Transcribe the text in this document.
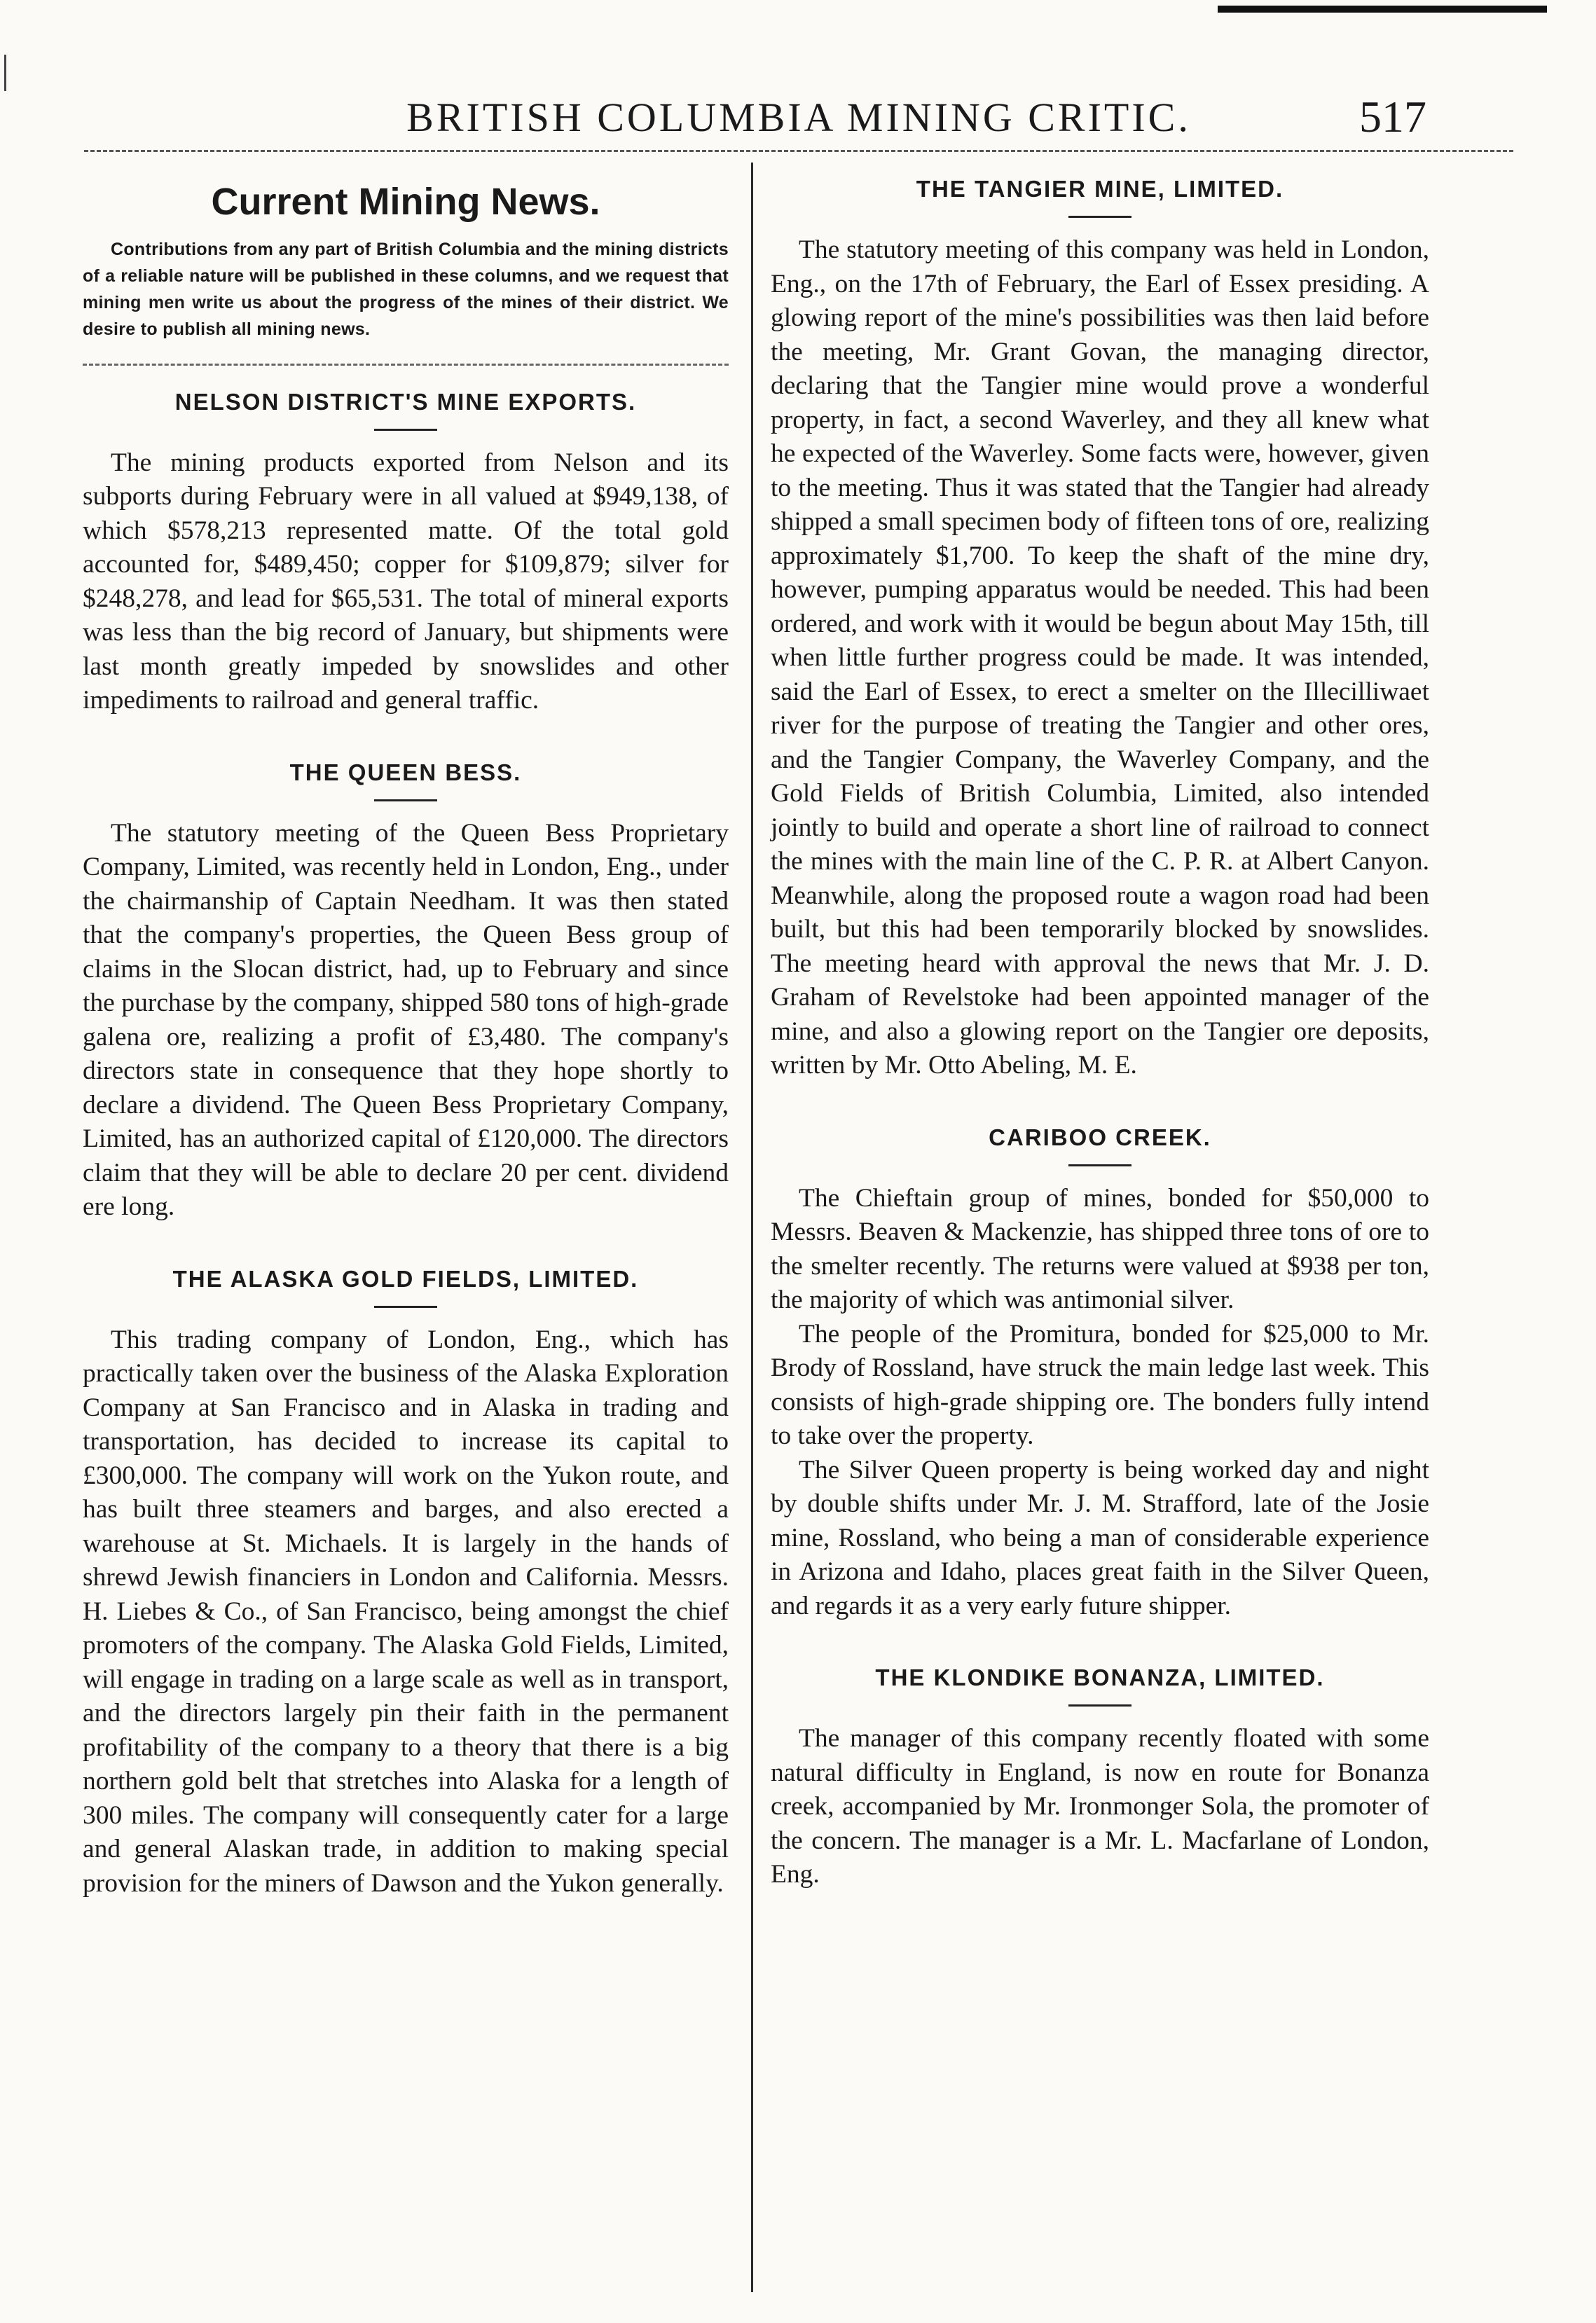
BRITISH COLUMBIA MINING CRITIC.	517
Current Mining News.

Contributions from any part of British Columbia and the mining districts of a reliable nature will be published in these columns, and we request that mining men write us about the progress of the mines of their district. We desire to publish all mining news.

NELSON DISTRICT'S MINE EXPORTS.

The mining products exported from Nelson and its subports during February were in all valued at $949,138, of which $578,213 represented matte. Of the total gold accounted for, $489,450; copper for $109,879; silver for $248,278, and lead for $65,531. The total of mineral exports was less than the big record of January, but shipments were last month greatly impeded by snowslides and other impediments to railroad and general traffic.

THE QUEEN BESS.

The statutory meeting of the Queen Bess Proprietary Company, Limited, was recently held in London, Eng., under the chairmanship of Captain Needham. It was then stated that the company's properties, the Queen Bess group of claims in the Slocan district, had, up to February and since the purchase by the company, shipped 580 tons of high-grade galena ore, realizing a profit of £3,480. The company's directors state in consequence that they hope shortly to declare a dividend. The Queen Bess Proprietary Company, Limited, has an authorized capital of £120,000. The directors claim that they will be able to declare 20 per cent. dividend ere long.

THE ALASKA GOLD FIELDS, LIMITED.

This trading company of London, Eng., which has practically taken over the business of the Alaska Exploration Company at San Francisco and in Alaska in trading and transportation, has decided to increase its capital to £300,000. The company will work on the Yukon route, and has built three steamers and barges, and also erected a warehouse at St. Michaels. It is largely in the hands of shrewd Jewish financiers in London and California. Messrs. H. Liebes & Co., of San Francisco, being amongst the chief promoters of the company. The Alaska Gold Fields, Limited, will engage in trading on a large scale as well as in transport, and the directors largely pin their faith in the permanent profitability of the company to a theory that there is a big northern gold belt that stretches into Alaska for a length of 300 miles. The company will consequently cater for a large and general Alaskan trade, in addition to making special provision for the miners of Dawson and the Yukon generally.

THE TANGIER MINE, LIMITED.

The statutory meeting of this company was held in London, Eng., on the 17th of February, the Earl of Essex presiding. A glowing report of the mine's possibilities was then laid before the meeting, Mr. Grant Govan, the managing director, declaring that the Tangier mine would prove a wonderful property, in fact, a second Waverley, and they all knew what he expected of the Waverley. Some facts were, however, given to the meeting. Thus it was stated that the Tangier had already shipped a small specimen body of fifteen tons of ore, realizing approximately $1,700. To keep the shaft of the mine dry, however, pumping apparatus would be needed. This had been ordered, and work with it would be begun about May 15th, till when little further progress could be made. It was intended, said the Earl of Essex, to erect a smelter on the Illecilliwaet river for the purpose of treating the Tangier and other ores, and the Tangier Company, the Waverley Company, and the Gold Fields of British Columbia, Limited, also intended jointly to build and operate a short line of railroad to connect the mines with the main line of the C. P. R. at Albert Canyon. Meanwhile, along the proposed route a wagon road had been built, but this had been temporarily blocked by snowslides. The meeting heard with approval the news that Mr. J. D. Graham of Revelstoke had been appointed manager of the mine, and also a glowing report on the Tangier ore deposits, written by Mr. Otto Abeling, M. E.

CARIBOO CREEK.

The Chieftain group of mines, bonded for $50,000 to Messrs. Beaven & Mackenzie, has shipped three tons of ore to the smelter recently. The returns were valued at $938 per ton, the majority of which was antimonial silver.

The people of the Promitura, bonded for $25,000 to Mr. Brody of Rossland, have struck the main ledge last week. This consists of high-grade shipping ore. The bonders fully intend to take over the property.

The Silver Queen property is being worked day and night by double shifts under Mr. J. M. Strafford, late of the Josie mine, Rossland, who being a man of considerable experience in Arizona and Idaho, places great faith in the Silver Queen, and regards it as a very early future shipper.

THE KLONDIKE BONANZA, LIMITED.

The manager of this company recently floated with some natural difficulty in England, is now en route for Bonanza creek, accompanied by Mr. Ironmonger Sola, the promoter of the concern. The manager is a Mr. L. Macfarlane of London, Eng.
